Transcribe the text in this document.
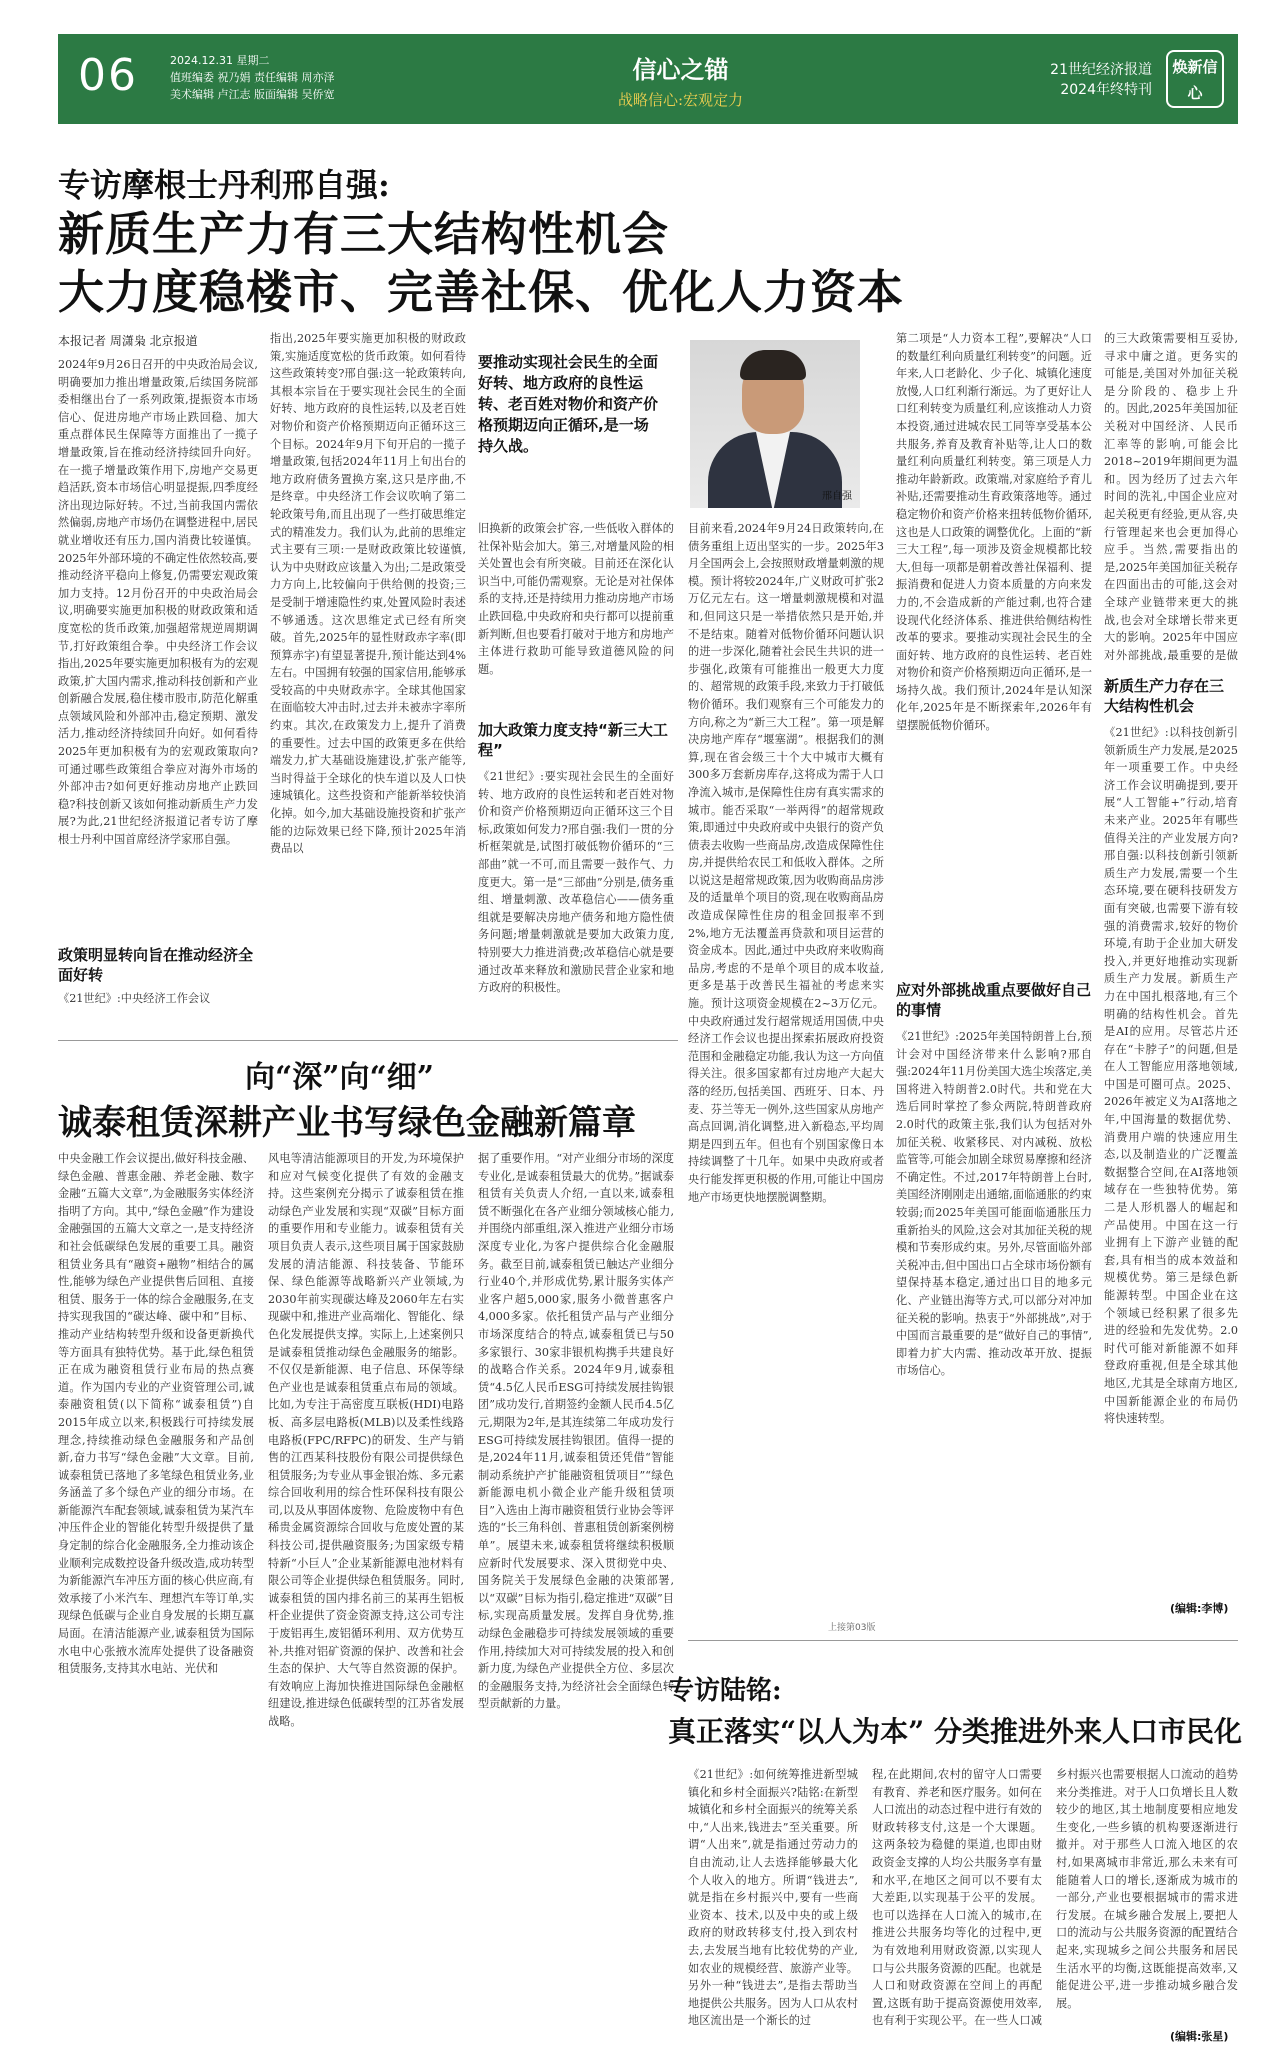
06	2024.12.31 星期二
值班编委 祝乃娟 责任编辑 周亦泽
美术编辑 卢江志 版面编辑 吴侨宽
信心之锚
战略信心:宏观定力
21世纪经济报道
2024年终特刊
焕新信心
专访摩根士丹利邢自强:
新质生产力有三大结构性机会
大力度稳楼市、完善社保、优化人力资本
本报记者 周潇枭 北京报道
2024年9月26日召开的中央政治局会议,明确要加力推出增量政策,后续国务院部委相继出台了一系列政策,提振资本市场信心、促进房地产市场止跌回稳、加大重点群体民生保障等方面推出了一揽子增量政策,旨在推动经济持续回升向好。在一揽子增量政策作用下,房地产交易更趋活跃,资本市场信心明显提振,四季度经济出现边际好转。不过,当前我国内需依然偏弱,房地产市场仍在调整进程中,居民就业增收还有压力,国内消费比较谨慎。2025年外部环境的不确定性依然较高,要推动经济平稳向上修复,仍需要宏观政策加力支持。12月份召开的中央政治局会议,明确要实施更加积极的财政政策和适度宽松的货币政策,加强超常规逆周期调节,打好政策组合拳。中央经济工作会议指出,2025年要实施更加积极有为的宏观政策,扩大国内需求,推动科技创新和产业创新融合发展,稳住楼市股市,防范化解重点领域风险和外部冲击,稳定预期、激发活力,推动经济持续回升向好。如何看待2025年更加积极有为的宏观政策取向?可通过哪些政策组合拳应对海外市场的外部冲击?如何更好推动房地产止跌回稳?科技创新又该如何推动新质生产力发展?为此,21世纪经济报道记者专访了摩根士丹利中国首席经济学家邢自强。
政策明显转向旨在推动经济全面好转
《21世纪》:中央经济工作会议
指出,2025年要实施更加积极的财政政策,实施适度宽松的货币政策。如何看待这些政策转变?邢自强:这一轮政策转向,其根本宗旨在于要实现社会民生的全面好转、地方政府的良性运转,以及老百姓对物价和资产价格预期迈向正循环这三个目标。2024年9月下旬开启的一揽子增量政策,包括2024年11月上旬出台的地方政府债务置换方案,这只是序曲,不是终章。中央经济工作会议吹响了第二轮政策号角,而且出现了一些打破思维定式的精准发力。我们认为,此前的思维定式主要有三项:一是财政政策比较谨慎,认为中央财政应该量入为出;二是政策受力方向上,比较偏向于供给侧的投资;三是受制于增速隐性约束,处置风险时表述不够通透。这次思维定式已经有所突破。首先,2025年的显性财政赤字率(即预算赤字)有望显著提升,预计能达到4%左右。中国拥有较强的国家信用,能够承受较高的中央财政赤字。全球其他国家在面临较大冲击时,过去并未被赤字率所约束。其次,在政策发力上,提升了消费的重要性。过去中国的政策更多在供给端发力,扩大基础设施建设,扩张产能等,当时得益于全球化的快车道以及人口快速城镇化。这些投资和产能新举较快消化掉。如今,加大基础设施投资和扩张产能的边际效果已经下降,预计2025年消费品以
要推动实现社会民生的全面好转、地方政府的良性运转、老百姓对物价和资产价格预期迈向正循环,是一场持久战。
邢自强
旧换新的政策会扩容,一些低收入群体的社保补贴会加大。第三,对增量风险的相关处置也会有所突破。目前还在深化认识当中,可能仍需观察。无论是对社保体系的支持,还是持续用力推动房地产市场止跌回稳,中央政府和央行都可以提前重新判断,但也要看打破对于地方和房地产主体进行救助可能导致道德风险的问题。
加大政策力度支持“新三大工程”
《21世纪》:要实现社会民生的全面好转、地方政府的良性运转和老百姓对物价和资产价格预期迈向正循环这三个目标,政策如何发力?邢自强:我们一贯的分析框架就是,试图打破低物价循环的“三部曲”就一不可,而且需要一鼓作气、力度更大。第一是“三部曲”分别是,债务重组、增量刺激、改革稳信心——债务重组就是要解决房地产债务和地方隐性债务问题;增量刺激就是要加大政策力度,特别要大力推进消费;改革稳信心就是要通过改革来释放和激励民营企业家和地方政府的积极性。
目前来看,2024年9月24日政策转向,在债务重组上迈出坚实的一步。2025年3月全国两会上,会按照财政增量刺激的规模。预计将较2024年,广义财政可扩张2万亿元左右。这一增量刺激规模和对温和,但同这只是一举措依然只是开始,并不是结束。随着对低物价循环问题认识的进一步深化,随着社会民生共识的进一步强化,政策有可能推出一般更大力度的、超常规的政策手段,来致力于打破低物价循环。我们观察有三个可能发力的方向,称之为“新三大工程”。第一项是解决房地产库存“堰塞湖”。根据我们的测算,现在省会级三十个大中城市大概有300多万套新房库存,这将成为需于人口净流入城市,是保障性住房有真实需求的城市。能否采取“一举两得”的超常规政策,即通过中央政府或中央银行的资产负债表去收购一些商品房,改造成保障性住房,并提供给农民工和低收入群体。之所以说这是超常规政策,因为收购商品房涉及的适量单个项目的资,现在收购商品房改造成保障性住房的租金回报率不到2%,地方无法覆盖再贷款和项目运营的资金成本。因此,通过中央政府来收购商品房,考虑的不是单个项目的成本收益,更多是基于改善民生福祉的考虑来实施。预计这项资金规模在2~3万亿元。中央政府通过发行超常规适用国债,中央经济工作会议也提出探索拓展政府投资范围和金融稳定功能,我认为这一方向值得关注。很多国家都有过房地产大起大落的经历,包括美国、西班牙、日本、丹麦、芬兰等无一例外,这些国家从房地产高点回调,消化调整,进入新稳态,平均周期是四到五年。但也有个别国家像日本持续调整了十几年。如果中央政府或者央行能发挥更积极的作用,可能让中国房地产市场更快地摆脱调整期。
第二项是“人力资本工程”,要解决“人口的数量红利向质量红利转变”的问题。近年来,人口老龄化、少子化、城镇化速度放慢,人口红利渐行渐远。为了更好让人口红利转变为质量红利,应该推动人力资本投资,通过进城农民工同等享受基本公共服务,养育及教育补贴等,让人口的数量红利向质量红利转变。第三项是人力推动年龄新政。政策端,对家庭给予育儿补贴,还需要推动生育政策落地等。通过稳定物价和资产价格来扭转低物价循环,这也是人口政策的调整优化。上面的“新三大工程”,每一项涉及资金规模都比较大,但每一项都是朝着改善社保福利、提振消费和促进人力资本质量的方向来发力的,不会造成新的产能过剩,也符合建设现代化经济体系、推进供给侧结构性改革的要求。要推动实现社会民生的全面好转、地方政府的良性运转、老百姓对物价和资产价格预期迈向正循环,是一场持久战。我们预计,2024年是认知深化年,2025年是不断探索年,2026年有望摆脱低物价循环。
应对外部挑战重点要做好自己的事情
《21世纪》:2025年美国特朗普上台,预计会对中国经济带来什么影响?邢自强:2024年11月份美国大选尘埃落定,美国将进入特朗普2.0时代。共和党在大选后同时掌控了参众两院,特朗普政府2.0时代的政策主张,我们认为包括对外加征关税、收紧移民、对内减税、放松监管等,可能会加剧全球贸易摩擦和经济不确定性。不过,2017年特朗普上台时,美国经济刚刚走出通缩,面临通胀的约束较弱;而2025年美国可能面临通胀压力重新抬头的风险,这会对其加征关税的规模和节奏形成约束。另外,尽管面临外部关税冲击,但中国出口占全球市场份额有望保持基本稳定,通过出口目的地多元化、产业链出海等方式,可以部分对冲加征关税的影响。热衷于“外部挑战”,对于中国而言最重要的是“做好自己的事情”,即着力扩大内需、推动改革开放、提振市场信心。
的三大政策需要相互妥协,寻求中庸之道。更务实的可能是,美国对外加征关税是分阶段的、稳步上升的。因此,2025年美国加征关税对中国经济、人民币汇率等的影响,可能会比2018~2019年期间更为温和。因为经历了过去六年时间的洗礼,中国企业应对起关税更有经验,更从容,央行管理起来也会更加得心应手。当然,需要指出的是,2025年美国加征关税存在四面出击的可能,这会对全球产业链带来更大的挑战,也会对全球增长带来更大的影响。2025年中国应对外部挑战,最重要的是做
新质生产力存在三大结构性机会
《21世纪》:以科技创新引领新质生产力发展,是2025年一项重要工作。中央经济工作会议明确提到,要开展“人工智能+”行动,培育未来产业。2025年有哪些值得关注的产业发展方向?邢自强:以科技创新引领新质生产力发展,需要一个生态环境,要在硬科技研发方面有突破,也需要下游有较强的消费需求,较好的物价环境,有助于企业加大研发投入,并更好地推动实现新质生产力发展。新质生产力在中国扎根落地,有三个明确的结构性机会。首先是AI的应用。尽管芯片还存在“卡脖子”的问题,但是在人工智能应用落地领域,中国是可圈可点。2025、2026年被定义为AI落地之年,中国海量的数据优势、消费用户端的快速应用生态,以及制造业的广泛覆盖数据整合空间,在AI落地领域存在一些独特优势。第二是人形机器人的崛起和产品使用。中国在这一行业拥有上下游产业链的配套,具有相当的成本效益和规模优势。第三是绿色新能源转型。中国企业在这个领域已经积累了很多先进的经验和先发优势。2.0时代可能对新能源不如拜登政府重视,但是全球其他地区,尤其是全球南方地区,中国新能源企业的布局仍将快速转型。
(编辑:李博)
向“深”向“细”
诚泰租赁深耕产业书写绿色金融新篇章
中央金融工作会议提出,做好科技金融、绿色金融、普惠金融、养老金融、数字金融“五篇大文章”,为金融服务实体经济指明了方向。其中,“绿色金融”作为建设金融强国的五篇大文章之一,是支持经济和社会低碳绿色发展的重要工具。融资租赁业务具有“融资+融物”相结合的属性,能够为绿色产业提供售后回租、直接租赁、服务于一体的综合金融服务,在支持实现我国的“碳达峰、碳中和”目标、推动产业结构转型升级和设备更新换代等方面具有独特优势。基于此,绿色租赁正在成为融资租赁行业布局的热点赛道。作为国内专业的产业资管理公司,诚泰融资租赁(以下简称“诚泰租赁”)自2015年成立以来,积极践行可持续发展理念,持续推动绿色金融服务和产品创新,奋力书写“绿色金融”大文章。目前,诚泰租赁已落地了多笔绿色租赁业务,业务涵盖了多个绿色产业的细分市场。在新能源汽车配套领域,诚泰租赁为某汽车冲压件企业的智能化转型升级提供了量身定制的综合化金融服务,全力推动该企业顺利完成数控设备升级改造,成功转型为新能源汽车冲压方面的核心供应商,有效承接了小米汽车、理想汽车等订单,实现绿色低碳与企业自身发展的长期互赢局面。在清洁能源产业,诚泰租赁为国际水电中心张掖水流库处提供了设备融资租赁服务,支持其水电站、光伏和
风电等清洁能源项目的开发,为环境保护和应对气候变化提供了有效的金融支持。这些案例充分揭示了诚泰租赁在推动绿色产业发展和实现“双碳”目标方面的重要作用和专业能力。诚泰租赁有关项目负责人表示,这些项目属于国家鼓励发展的清洁能源、科技装备、节能环保、绿色能源等战略新兴产业领域,为2030年前实现碳达峰及2060年左右实现碳中和,推进产业高端化、智能化、绿色化发展提供支撑。实际上,上述案例只是诚泰租赁推动绿色金融服务的缩影。不仅仅是新能源、电子信息、环保等绿色产业也是诚泰租赁重点布局的领域。比如,为专注于高密度互联板(HDI)电路板、高多层电路板(MLB)以及柔性线路电路板(FPC/RFPC)的研发、生产与销售的江西某科技股份有限公司提供绿色租赁服务;为专业从事金银冶炼、多元素综合回收利用的综合性环保科技有限公司,以及从事固体废物、危险废物中有色稀贵金属资源综合回收与危废处置的某科技公司,提供融资服务;为国家级专精特新“小巨人”企业某新能源电池材料有限公司等企业提供绿色租赁服务。同时,诚泰租赁的国内排名前三的某再生铝板杆企业提供了资金资源支持,这公司专注于废铝再生,废铝循环利用、双方优势互补,共推对铝矿资源的保护、改善和社会生态的保护、大气等自然资源的保护。有效响应上海加快推进国际绿色金融枢纽建设,推进绿色低碳转型的江苏省发展战略。
据了重要作用。“对产业细分市场的深度专业化,是诚泰租赁最大的优势。”据诚泰租赁有关负责人介绍,一直以来,诚泰租赁不断强化在各产业细分领域核心能力,并围绕内部重组,深入推进产业细分市场深度专业化,为客户提供综合化金融服务。截至目前,诚泰租赁已触达产业细分行业40个,并形成优势,累计服务实体产业客户超5,000家,服务小微普惠客户4,000多家。依托租赁产品与产业细分市场深度结合的特点,诚泰租赁已与50多家银行、30家非银机构携手共建良好的战略合作关系。2024年9月,诚泰租赁“4.5亿人民币ESG可持续发展挂钩银团”成功发行,首期签约金额人民币4.5亿元,期限为2年,是其连续第二年成功发行ESG可持续发展挂钩银团。值得一提的是,2024年11月,诚泰租赁还凭借“智能制动系统护产扩能融资租赁项目”“绿色新能源电机小微企业产能升级租赁项目”入选由上海市融资租赁行业协会等评选的“长三角科创、普惠租赁创新案例榜单”。展望未来,诚泰租赁将继续积极顺应新时代发展要求、深入贯彻党中央、国务院关于发展绿色金融的决策部署,以“双碳”目标为指引,稳定推进“双碳”目标,实现高质量发展。发挥自身优势,推动绿色金融稳步可持续发展领域的重要作用,持续加大对可持续发展的投入和创新力度,为绿色产业提供全方位、多层次的金融服务支持,为经济社会全面绿色转型贡献新的力量。
上接第03版
专访陆铭:
真正落实“以人为本” 分类推进外来人口市民化
《21世纪》:如何统筹推进新型城镇化和乡村全面振兴?陆铭:在新型城镇化和乡村全面振兴的统筹关系中,“人出来,钱进去”至关重要。所谓“人出来”,就是指通过劳动力的自由流动,让人去选择能够最大化个人收入的地方。所谓“钱进去”,就是指在乡村振兴中,要有一些商业资本、技术,以及中央的或上级政府的财政转移支付,投入到农村去,去发展当地有比较优势的产业,如农业的规模经营、旅游产业等。另外一种“钱进去”,是指去帮助当地提供公共服务。因为人口从农村地区流出是一个渐长的过
程,在此期间,农村的留守人口需要有教育、养老和医疗服务。如何在人口流出的动态过程中进行有效的财政转移支付,这是一个大课题。这两条较为稳健的渠道,也即由财政资金支撑的人均公共服务享有量和水平,在地区之间可以不要有太大差距,以实现基于公平的发展。也可以选择在人口流入的城市,在推进公共服务均等化的过程中,更为有效地利用财政资源,以实现人口与公共服务资源的匹配。也就是人口和财政资源在空间上的再配置,这既有助于提高资源使用效率,也有利于实现公平。在一些人口减
乡村振兴也需要根据人口流动的趋势来分类推进。对于人口负增长且人数较少的地区,其土地制度要相应地发生变化,一些乡镇的机构要逐渐进行撤并。对于那些人口流入地区的农村,如果离城市非常近,那么未来有可能随着人口的增长,逐渐成为城市的一部分,产业也要根据城市的需求进行发展。在城乡融合发展上,要把人口的流动与公共服务资源的配置结合起来,实现城乡之间公共服务和居民生活水平的均衡,这既能提高效率,又能促进公平,进一步推动城乡融合发展。
(编辑:张星)
